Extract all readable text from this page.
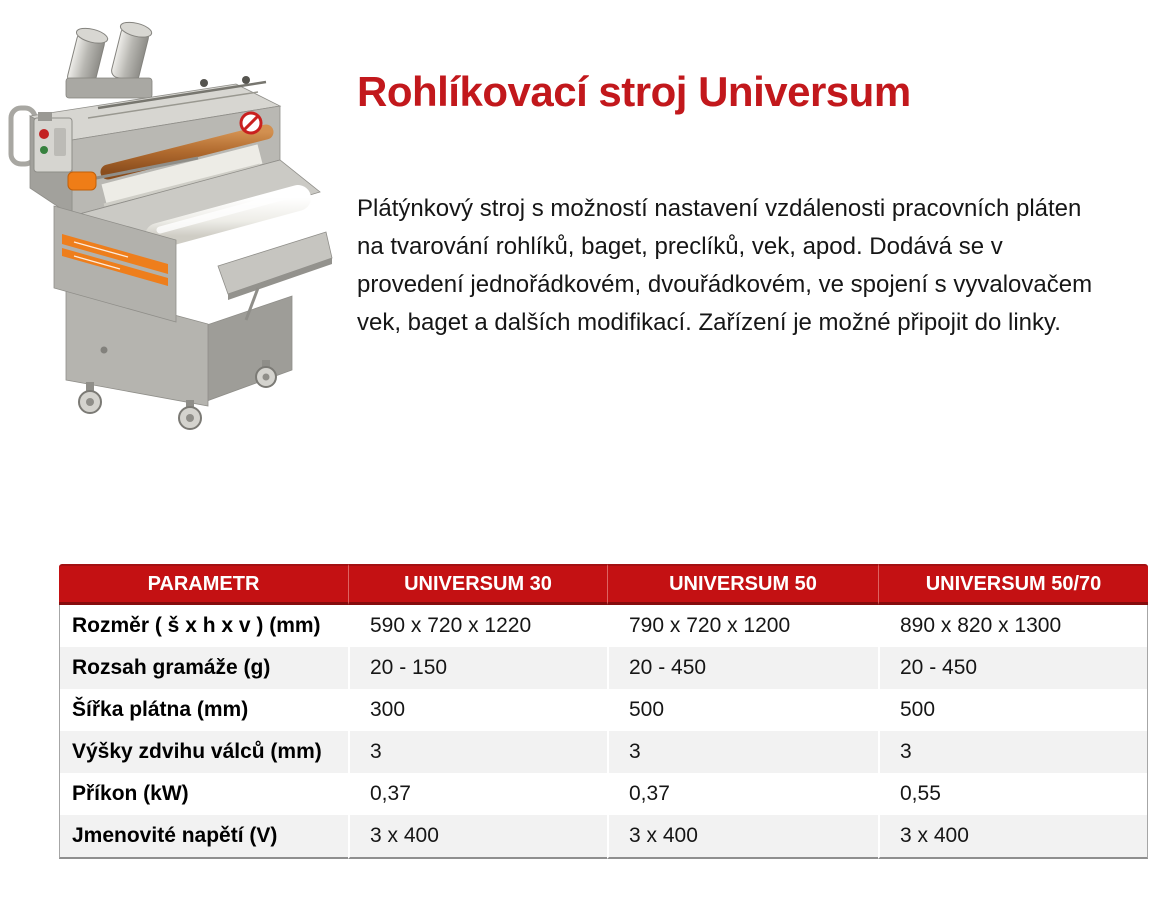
Rohlíkovací stroj Universum

Plátýnkový stroj s možností nastavení vzdálenosti pracovních pláten na tvarování rohlíků, baget, preclíků, vek, apod. Dodává se v provedení jednořádkovém, dvouřádkovém, ve spojení s vyvalovačem vek, baget a dalších modifikací. Zařízení je možné připojit do linky.

PARAMETR	UNIVERSUM 30	UNIVERSUM 50	UNIVERSUM 50/70
Rozměr ( š x h x v ) (mm)	590 x 720 x 1220	790 x 720 x 1200	890 x 820 x 1300
Rozsah gramáže (g)	20 - 150	20 - 450	20 - 450
Šířka plátna (mm)	300	500	500
Výšky zdvihu válců (mm)	3	3	3
Příkon (kW)	0,37	0,37	0,55
Jmenovité napětí (V)	3 x 400	3 x 400	3 x 400
